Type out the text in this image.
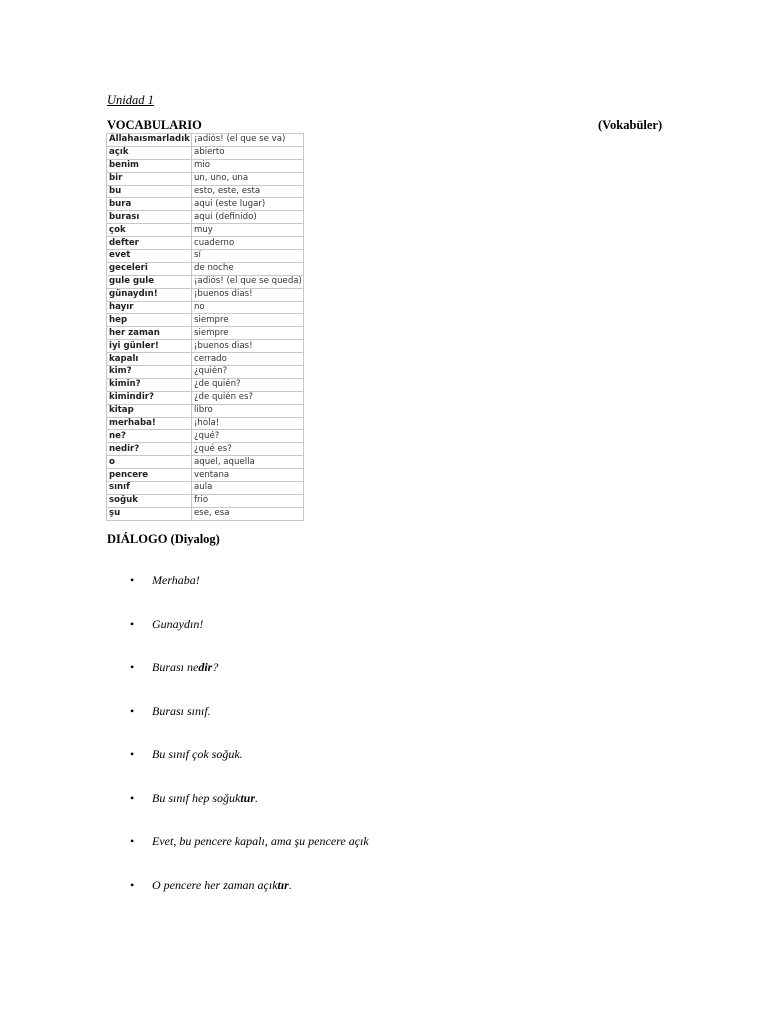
Unidad 1
VOCABULARIO	(Vokabüler)
Allahaısmarladık	¡adiós! (el que se va)
açık	abierto
benim	mio
bir	un, uno, una
bu	esto, este, esta
bura	aqui (este lugar)
burası	aqui (definido)
çok	muy
defter	cuaderno
evet	sí
geceleri	de noche
gule gule	¡adiós! (el que se queda)
günaydın!	¡buenos dias!
hayır	no
hep	siempre
her zaman	siempre
iyi günler!	¡buenos dias!
kapalı	cerrado
kim?	¿quién?
kimin?	¿de quién?
kimindir?	¿de quién es?
kitap	libro
merhaba!	¡hola!
ne?	¿qué?
nedir?	¿qué es?
o	aquel, aquella
pencere	ventana
sınıf	aula
soğuk	frio
şu	ese, esa
DIÁLOGO (Diyalog)
• Merhaba!
• Gunaydın!
• Burası nedir?
• Burası sınıf.
• Bu sınıf çok soğuk.
• Bu sınıf hep soğuktur.
• Evet, bu pencere kapalı, ama şu pencere açık
• O pencere her zaman açıktır.
